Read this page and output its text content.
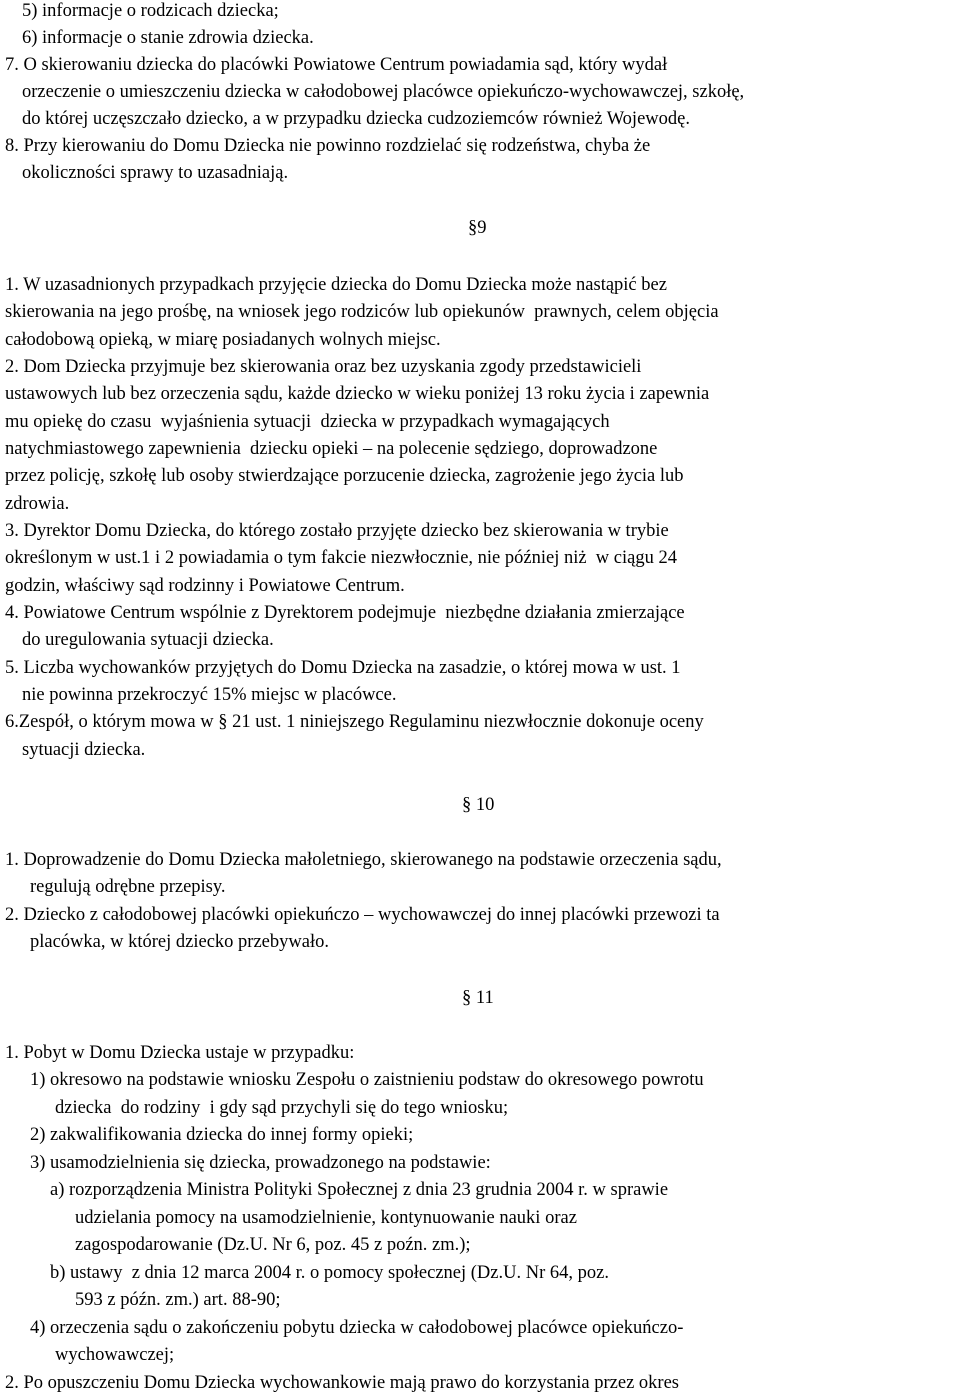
5) informacje o rodzicach dziecka;
6) informacje o stanie zdrowia dziecka.
7. O skierowaniu dziecka do placówki Powiatowe Centrum powiadamia sąd, który wydał
orzeczenie o umieszczeniu dziecka w całodobowej placówce opiekuńczo-wychowawczej, szkołę,
do której uczęszczało dziecko, a w przypadku dziecka cudzoziemców również Wojewodę.
8. Przy kierowaniu do Domu Dziecka nie powinno rozdzielać się rodzeństwa, chyba że
okoliczności sprawy to uzasadniają.
§9
1. W uzasadnionych przypadkach przyjęcie dziecka do Domu Dziecka może nastąpić bez
skierowania na jego prośbę, na wniosek jego rodziców lub opiekunów  prawnych, celem objęcia
całodobową opieką, w miarę posiadanych wolnych miejsc.
2. Dom Dziecka przyjmuje bez skierowania oraz bez uzyskania zgody przedstawicieli
ustawowych lub bez orzeczenia sądu, każde dziecko w wieku poniżej 13 roku życia i zapewnia
mu opiekę do czasu  wyjaśnienia sytuacji  dziecka w przypadkach wymagających
natychmiastowego zapewnienia  dziecku opieki – na polecenie sędziego, doprowadzone
przez policję, szkołę lub osoby stwierdzające porzucenie dziecka, zagrożenie jego życia lub
zdrowia.
3. Dyrektor Domu Dziecka, do którego zostało przyjęte dziecko bez skierowania w trybie
określonym w ust.1 i 2 powiadamia o tym fakcie niezwłocznie, nie później niż  w ciągu 24
godzin, właściwy sąd rodzinny i Powiatowe Centrum.
4. Powiatowe Centrum wspólnie z Dyrektorem podejmuje  niezbędne działania zmierzające
do uregulowania sytuacji dziecka.
5. Liczba wychowanków przyjętych do Domu Dziecka na zasadzie, o której mowa w ust. 1
nie powinna przekroczyć 15% miejsc w placówce.
6.Zespół, o którym mowa w § 21 ust. 1 niniejszego Regulaminu niezwłocznie dokonuje oceny
sytuacji dziecka.
§ 10
1. Doprowadzenie do Domu Dziecka małoletniego, skierowanego na podstawie orzeczenia sądu,
regulują odrębne przepisy.
2. Dziecko z całodobowej placówki opiekuńczo – wychowawczej do innej placówki przewozi ta
placówka, w której dziecko przebywało.
§ 11
1. Pobyt w Domu Dziecka ustaje w przypadku:
1) okresowo na podstawie wniosku Zespołu o zaistnieniu podstaw do okresowego powrotu
dziecka  do rodziny  i gdy sąd przychyli się do tego wniosku;
2) zakwalifikowania dziecka do innej formy opieki;
3) usamodzielnienia się dziecka, prowadzonego na podstawie:
a) rozporządzenia Ministra Polityki Społecznej z dnia 23 grudnia 2004 r. w sprawie
udzielania pomocy na usamodzielnienie, kontynuowanie nauki oraz
zagospodarowanie (Dz.U. Nr 6, poz. 45 z poźn. zm.);
b) ustawy  z dnia 12 marca 2004 r. o pomocy społecznej (Dz.U. Nr 64, poz.
593 z późn. zm.) art. 88-90;
4) orzeczenia sądu o zakończeniu pobytu dziecka w całodobowej placówce opiekuńczo-
wychowawczej;
2. Po opuszczeniu Domu Dziecka wychowankowie mają prawo do korzystania przez okres
